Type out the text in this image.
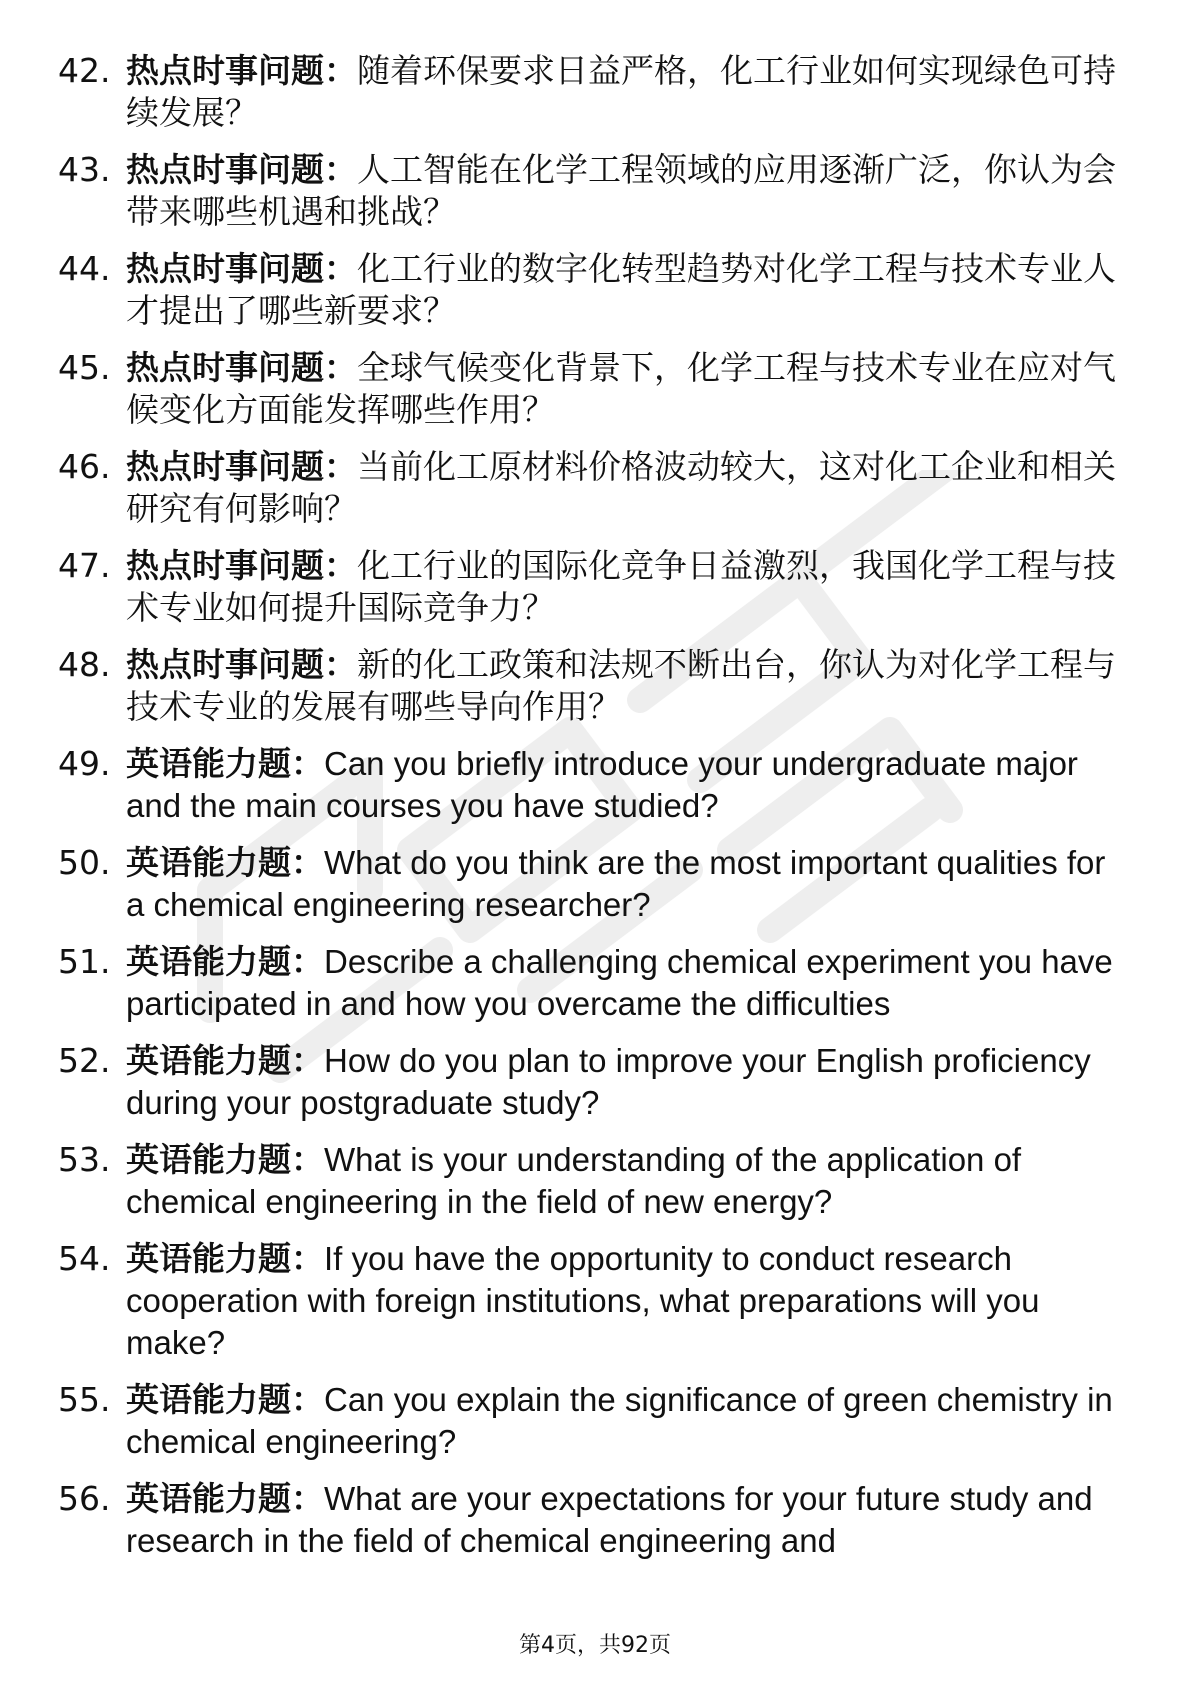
42. 热点时事问题：随着环保要求日益严格，化工行业如何实现绿色可持续发展？
43. 热点时事问题：人工智能在化学工程领域的应用逐渐广泛，你认为会带来哪些机遇和挑战？
44. 热点时事问题：化工行业的数字化转型趋势对化学工程与技术专业人才提出了哪些新要求？
45. 热点时事问题：全球气候变化背景下，化学工程与技术专业在应对气候变化方面能发挥哪些作用？
46. 热点时事问题：当前化工原材料价格波动较大，这对化工企业和相关研究有何影响？
47. 热点时事问题：化工行业的国际化竞争日益激烈，我国化学工程与技术专业如何提升国际竞争力？
48. 热点时事问题：新的化工政策和法规不断出台，你认为对化学工程与技术专业的发展有哪些导向作用？
49. 英语能力题：Can you briefly introduce your undergraduate major and the main courses you have studied?
50. 英语能力题：What do you think are the most important qualities for a chemical engineering researcher?
51. 英语能力题：Describe a challenging chemical experiment you have participated in and how you overcame the difficulties
52. 英语能力题：How do you plan to improve your English proficiency during your postgraduate study?
53. 英语能力题：What is your understanding of the application of chemical engineering in the field of new energy?
54. 英语能力题：If you have the opportunity to conduct research cooperation with foreign institutions, what preparations will you make?
55. 英语能力题：Can you explain the significance of green chemistry in chemical engineering?
56. 英语能力题：What are your expectations for your future study and research in the field of chemical engineering and
第4页，共92页
